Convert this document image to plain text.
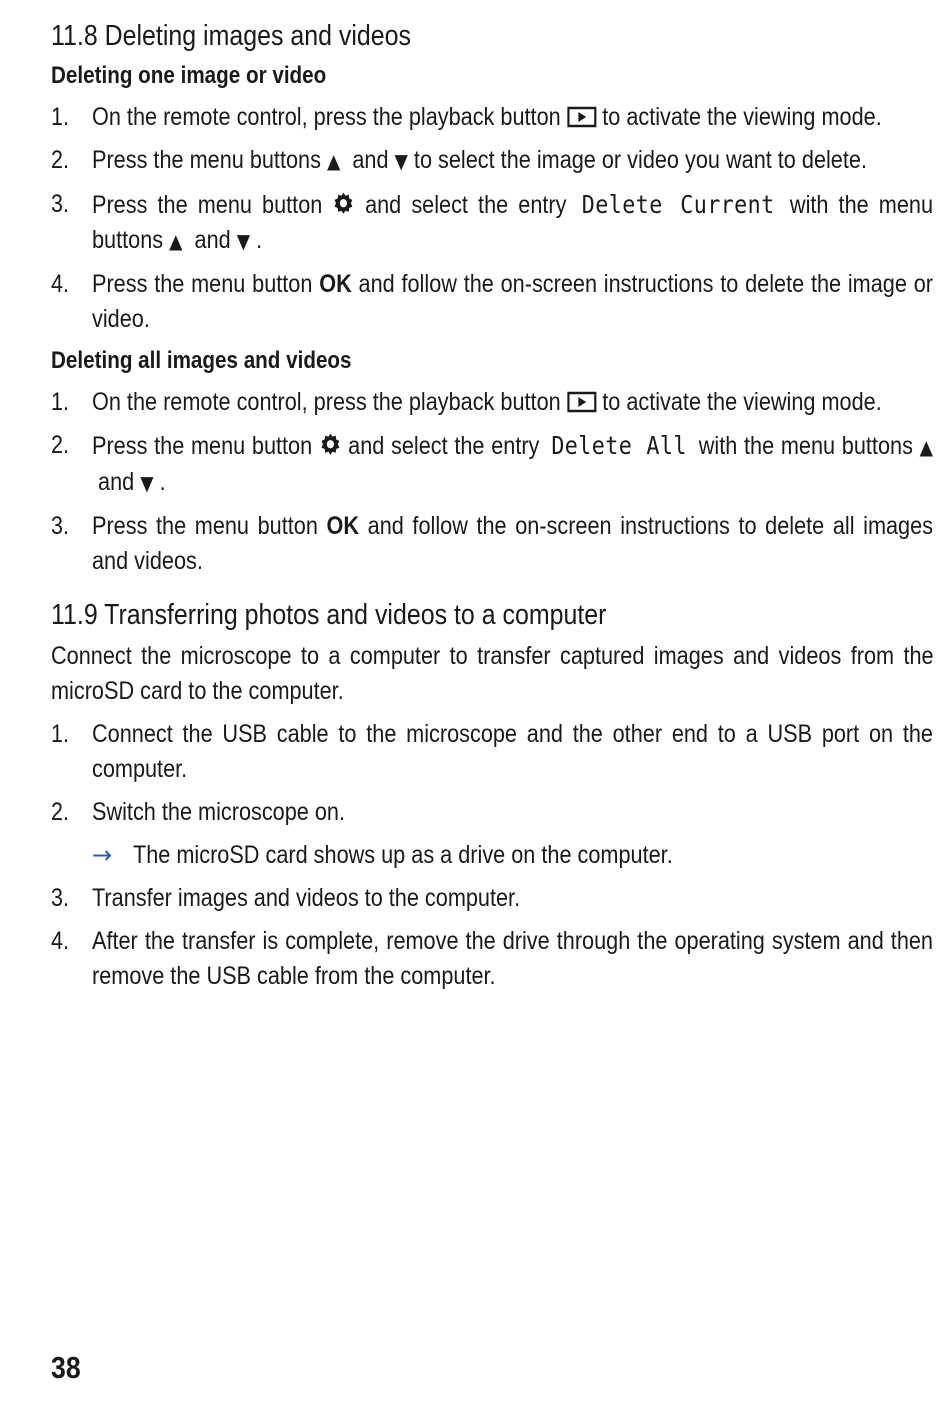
11.8 Deleting images and videos
Deleting one image or video
1. On the remote control, press the playback button to activate the viewing mode.
2. Press the menu buttons ▲ and ▼ to select the image or video you want to delete.
3. Press the menu button and select the entry Delete Current with the menu buttons ▲ and ▼ .
4. Press the menu button OK and follow the on-screen instructions to delete the image or video.
Deleting all images and videos
1. On the remote control, press the playback button to activate the viewing mode.
2. Press the menu button and select the entry Delete All with the menu buttons ▲  and ▼ .
3. Press the menu button OK and follow the on-screen instructions to delete all images and videos.
11.9 Transferring photos and videos to a computer

Connect the microscope to a computer to transfer captured images and videos from the microSD card to the computer.

1. Connect the USB cable to the microscope and the other end to a USB port on the computer.
2. Switch the microscope on.
→ The microSD card shows up as a drive on the computer.
3. Transfer images and videos to the computer.
4. After the transfer is complete, remove the drive through the operating system and then remove the USB cable from the computer.
38
